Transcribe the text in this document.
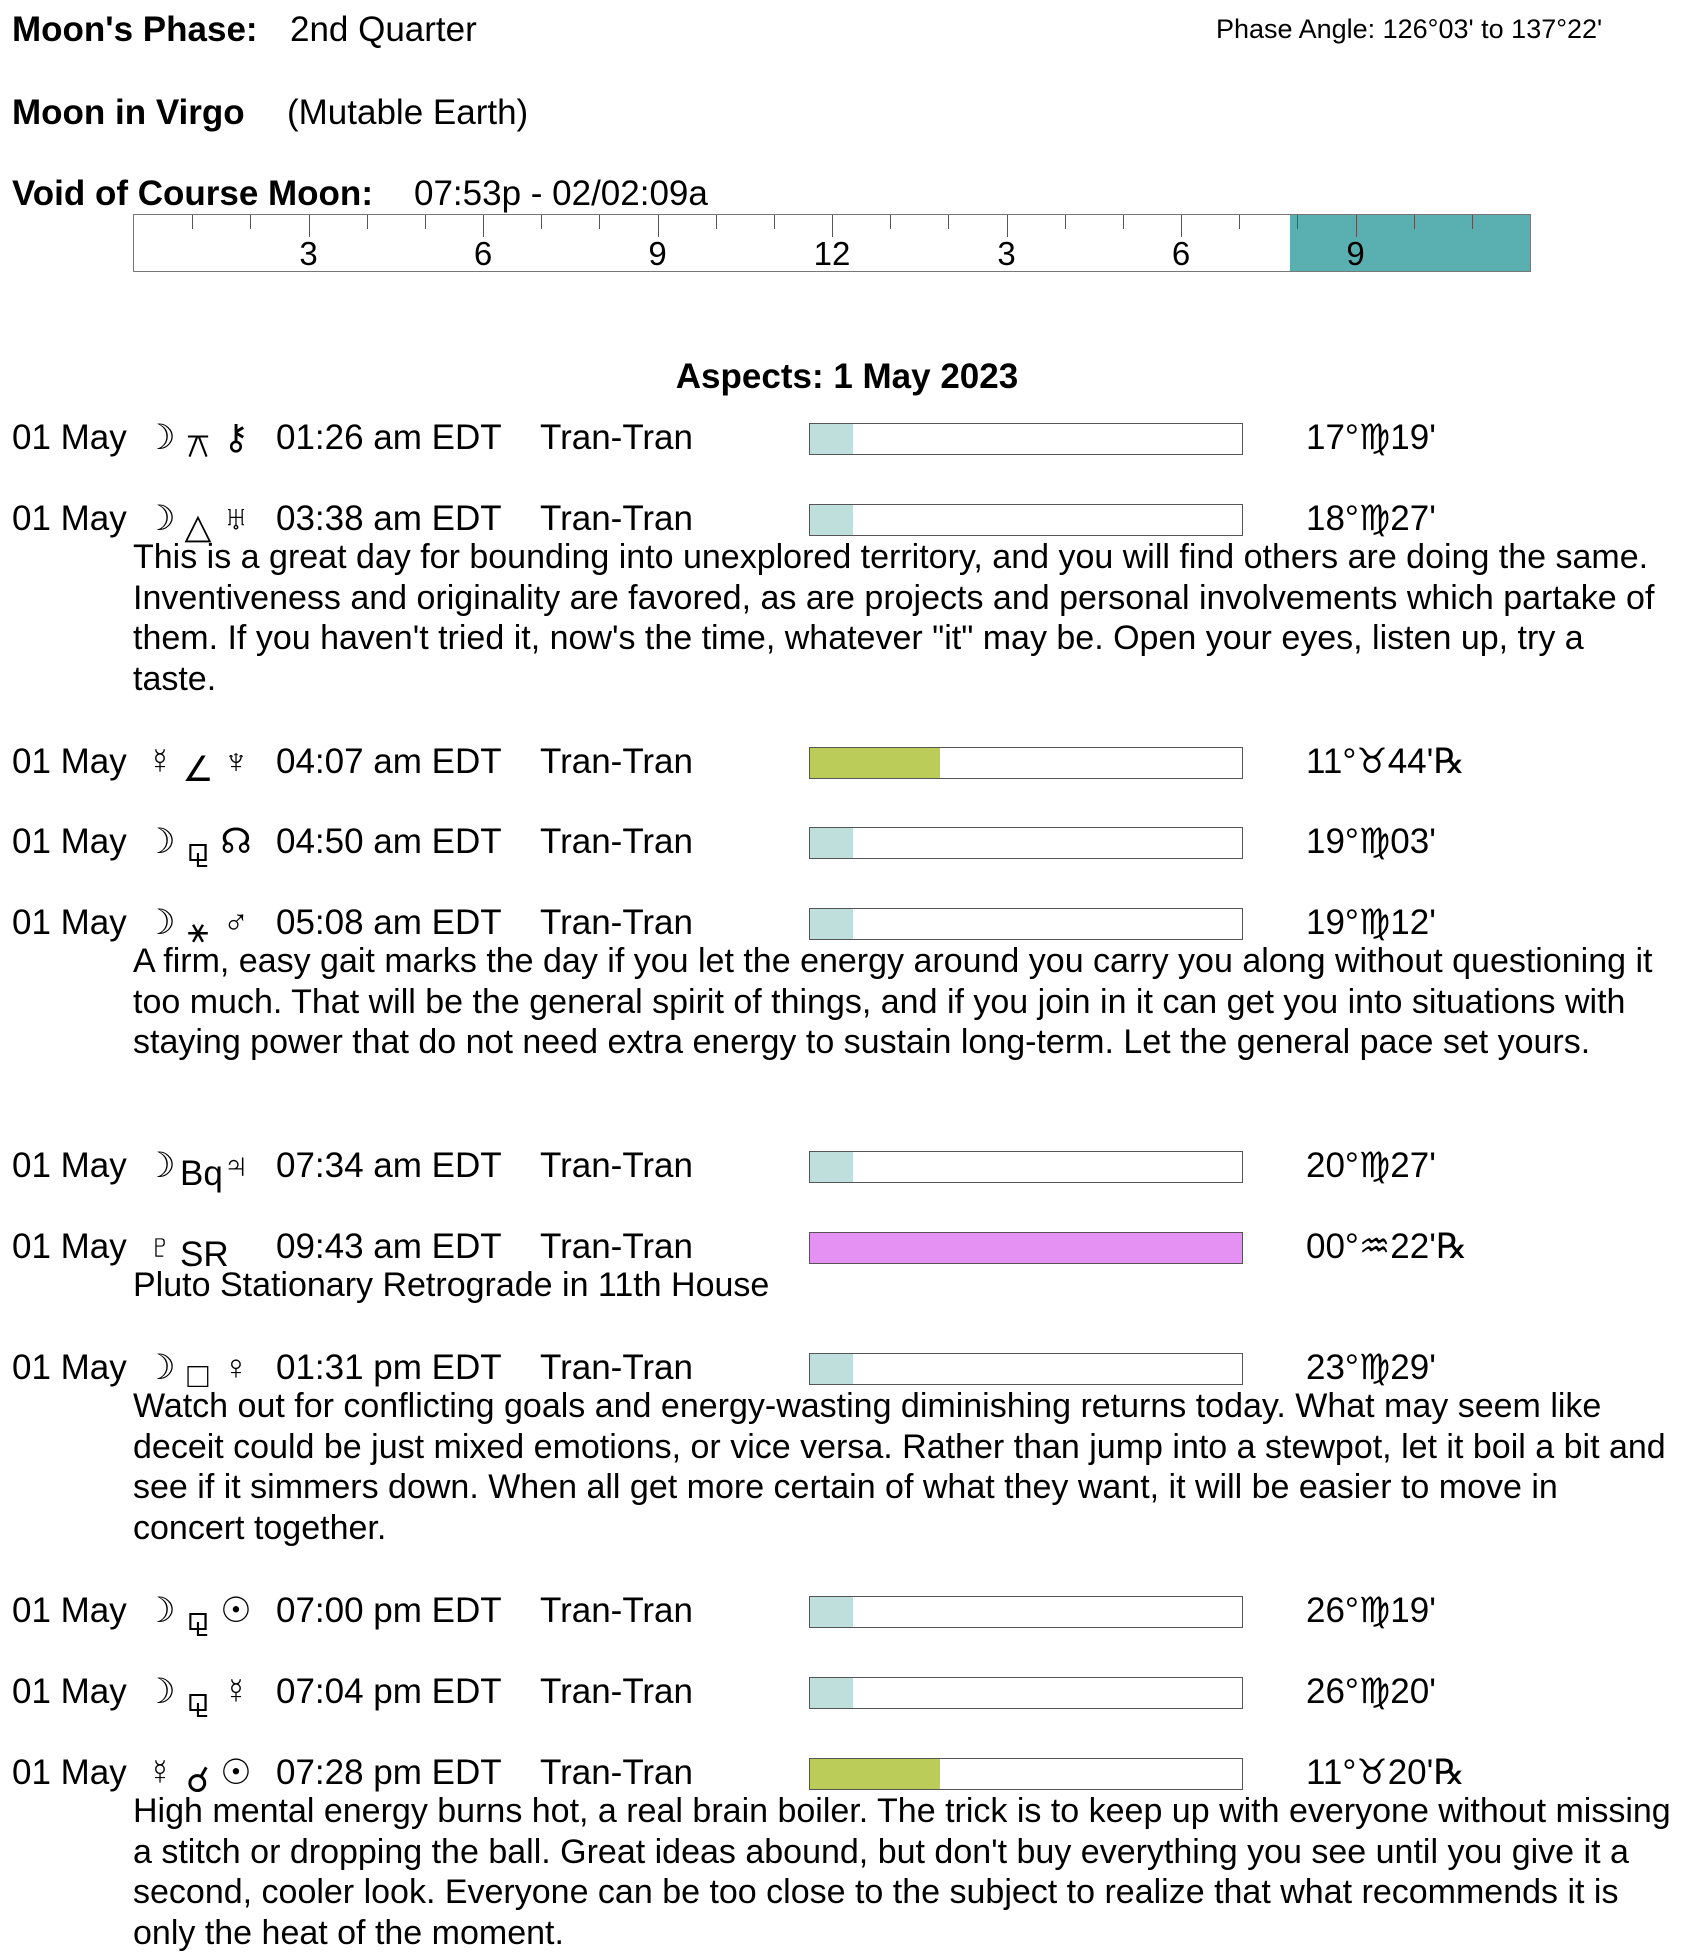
Moon's Phase: 2nd Quarter	Phase Angle: 126°03' to 137°22'
Moon in Virgo (Mutable Earth)
Void of Course Moon: 07:53p - 02/02:09a
3	6	9	12	3	6	9
Aspects: 1 May 2023
01 May ☽ ⚻ ⚷ 01:26 am EDT Tran-Tran	17°♍19'
01 May ☽ △ ♅ 03:38 am EDT Tran-Tran	18°♍27'
This is a great day for bounding into unexplored territory, and you will find others are doing the same. Inventiveness and originality are favored, as are projects and personal involvements which partake of them. If you haven't tried it, now's the time, whatever "it" may be. Open your eyes, listen up, try a taste.
01 May ☿ ∠ ♆ 04:07 am EDT Tran-Tran	11°♉44'℞
01 May ☽ ⚼ ☊ 04:50 am EDT Tran-Tran	19°♍03'
01 May ☽ ⚹ ♂ 05:08 am EDT Tran-Tran	19°♍12'
A firm, easy gait marks the day if you let the energy around you carry you along without questioning it too much. That will be the general spirit of things, and if you join in it can get you into situations with staying power that do not need extra energy to sustain long-term. Let the general pace set yours.
01 May ☽ Bq ♃ 07:34 am EDT Tran-Tran	20°♍27'
01 May ♇ SR 09:43 am EDT Tran-Tran	00°♒22'℞
Pluto Stationary Retrograde in 11th House
01 May ☽ □ ♀ 01:31 pm EDT Tran-Tran	23°♍29'
Watch out for conflicting goals and energy-wasting diminishing returns today. What may seem like deceit could be just mixed emotions, or vice versa. Rather than jump into a stewpot, let it boil a bit and see if it simmers down. When all get more certain of what they want, it will be easier to move in concert together.
01 May ☽ ⚼ ☉ 07:00 pm EDT Tran-Tran	26°♍19'
01 May ☽ ⚼ ☿ 07:04 pm EDT Tran-Tran	26°♍20'
01 May ☿ ☌ ☉ 07:28 pm EDT Tran-Tran	11°♉20'℞
High mental energy burns hot, a real brain boiler. The trick is to keep up with everyone without missing a stitch or dropping the ball. Great ideas abound, but don't buy everything you see until you give it a second, cooler look. Everyone can be too close to the subject to realize that what recommends it is only the heat of the moment.
